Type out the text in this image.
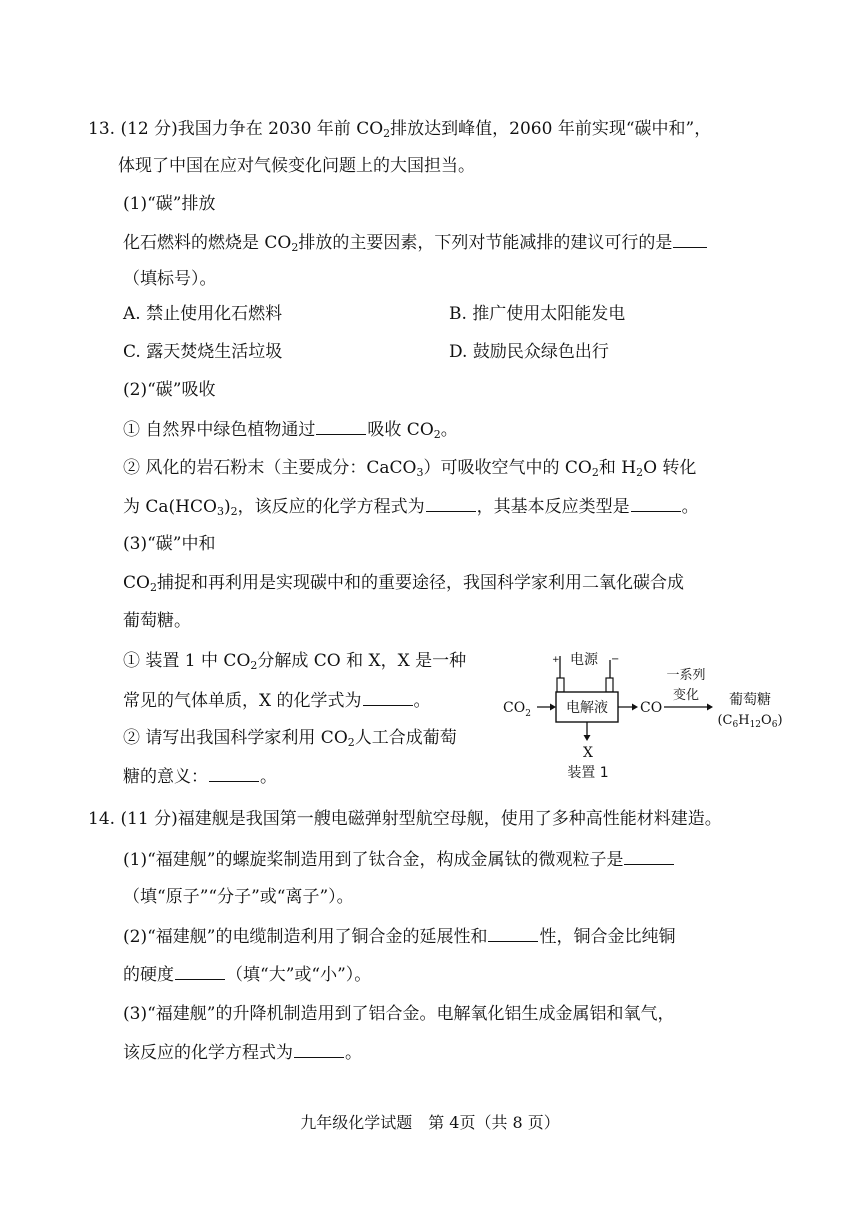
13. (12 分)我国力争在 2030 年前 $CO_2$排放达到峰值，2060 年前实现“碳中和”，
体现了中国在应对气候变化问题上的大国担当。
(1)“碳”排放
化石燃料的燃烧是 $CO_2$排放的主要因素，下列对节能减排的建议可行的是
（填标号）。
A. 禁止使用化石燃料	B. 推广使用太阳能发电
C. 露天焚烧生活垃圾	D. 鼓励民众绿色出行
(2)“碳”吸收
① 自然界中绿色植物通过	吸收 $CO_2$。
② 风化的岩石粉末（主要成分：CaCO$_3$）可吸收空气中的 $CO_2$和 $H_2O$ 转化
为 $Ca(HCO_3)_2$，该反应的化学方程式为	，其基本反应类型是	。
(3)“碳”中和
$CO_2$捕捉和再利用是实现碳中和的重要途径，我国科学家利用二氧化碳合成
葡萄糖。
① 装置 1 中 $CO_2$分解成 CO 和 X，X 是一种
常见的气体单质，X 的化学式为	。
② 请写出我国科学家利用 $CO_2$人工合成葡萄
糖的意义：	。
+ 电源 −
电解液
$CO_2$	CO
一系列
变化 葡萄糖
$(C_6H_{12}O_6)$
X
装置 1
14. (11 分)福建舰是我国第一艘电磁弹射型航空母舰，使用了多种高性能材料建造。
(1)“福建舰”的螺旋桨制造用到了钛合金，构成金属钛的微观粒子是
（填“原子”“分子”或“离子”）。
(2)“福建舰”的电缆制造利用了铜合金的延展性和	性，铜合金比纯铜
的硬度	（填“大”或“小”）。
(3)“福建舰”的升降机制造用到了铝合金。电解氧化铝生成金属铝和氧气，
该反应的化学方程式为	。
九年级化学试题　第 4页（共 8 页）
